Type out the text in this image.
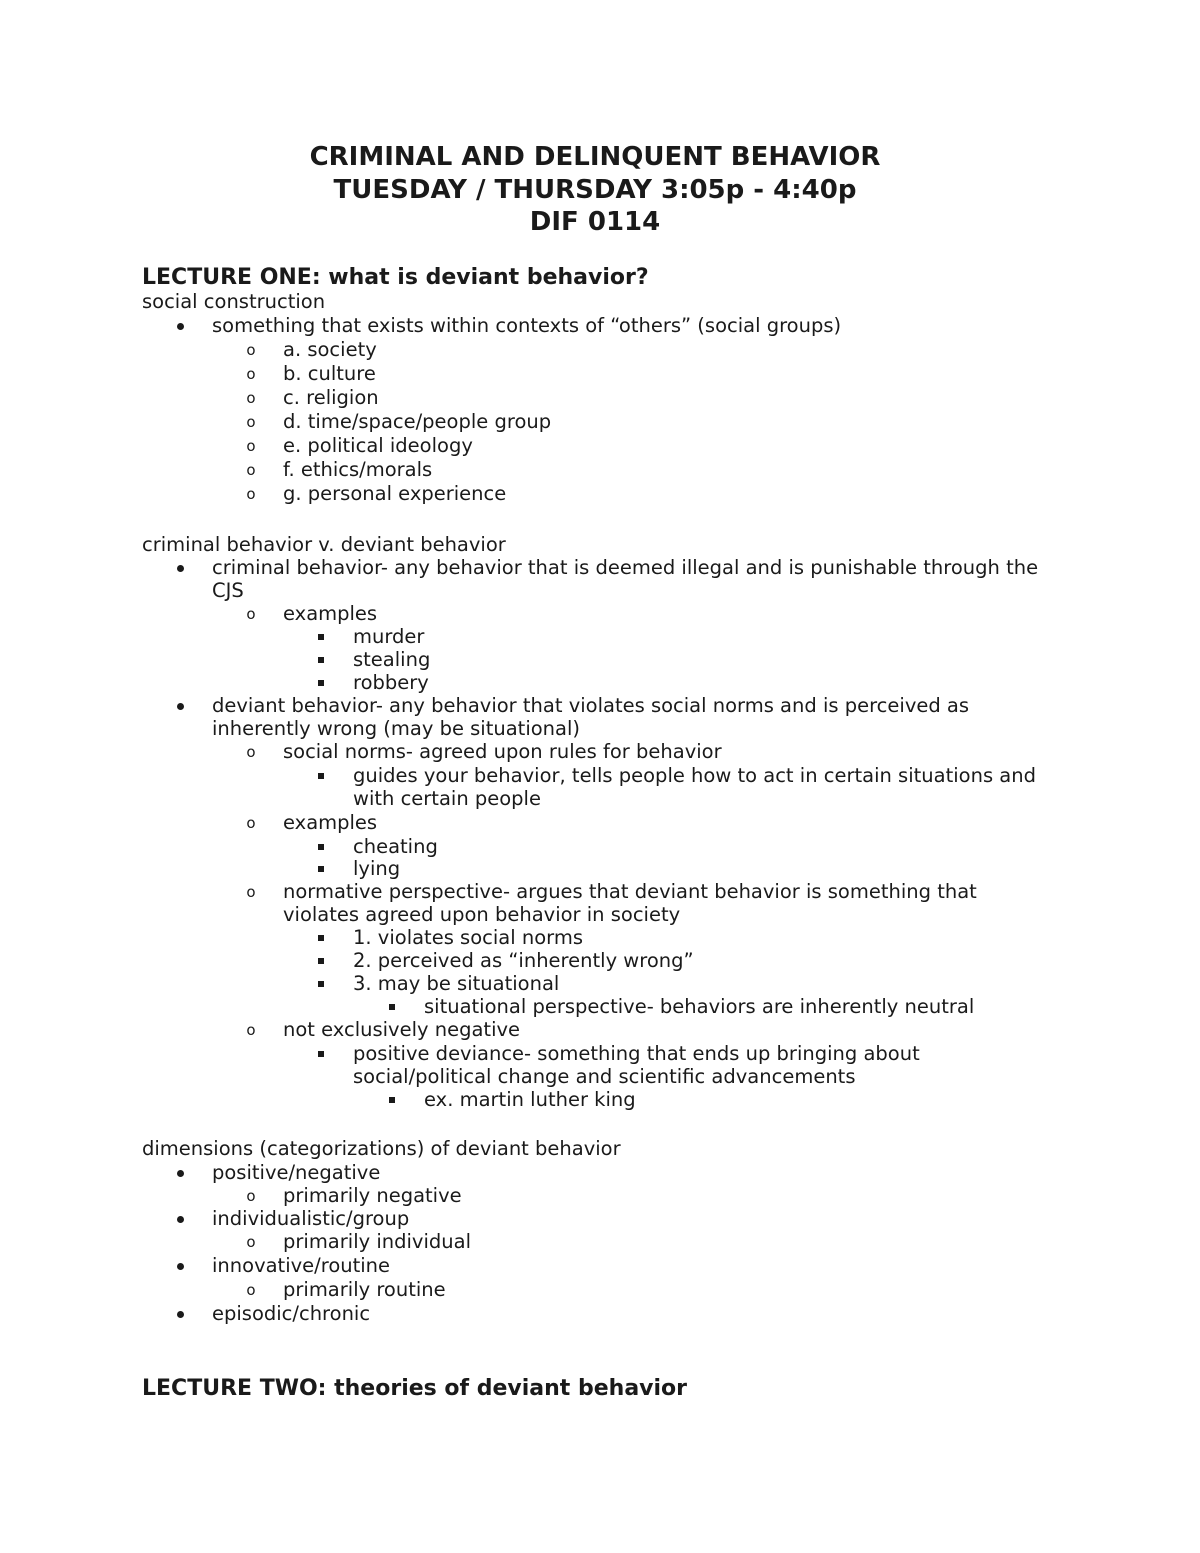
CRIMINAL AND DELINQUENT BEHAVIOR
TUESDAY / THURSDAY 3:05p - 4:40p
DIF 0114
LECTURE ONE: what is deviant behavior?
social construction
something that exists within contexts of “others” (social groups)
o
a. society
o
b. culture
o
c. religion
o
d. time/space/people group
o
e. political ideology
o
f. ethics/morals
o
g. personal experience
criminal behavior v. deviant behavior
criminal behavior- any behavior that is deemed illegal and is punishable through the
CJS
o
examples
murder
stealing
robbery
deviant behavior- any behavior that violates social norms and is perceived as
inherently wrong (may be situational)
o
social norms- agreed upon rules for behavior
guides your behavior, tells people how to act in certain situations and
with certain people
o
examples
cheating
lying
o
normative perspective- argues that deviant behavior is something that
violates agreed upon behavior in society
1. violates social norms
2. perceived as “inherently wrong”
3. may be situational
situational perspective- behaviors are inherently neutral
o
not exclusively negative
positive deviance- something that ends up bringing about
social/political change and scientific advancements
ex. martin luther king
dimensions (categorizations) of deviant behavior
positive/negative
o
primarily negative
individualistic/group
o
primarily individual
innovative/routine
o
primarily routine
episodic/chronic
LECTURE TWO: theories of deviant behavior
